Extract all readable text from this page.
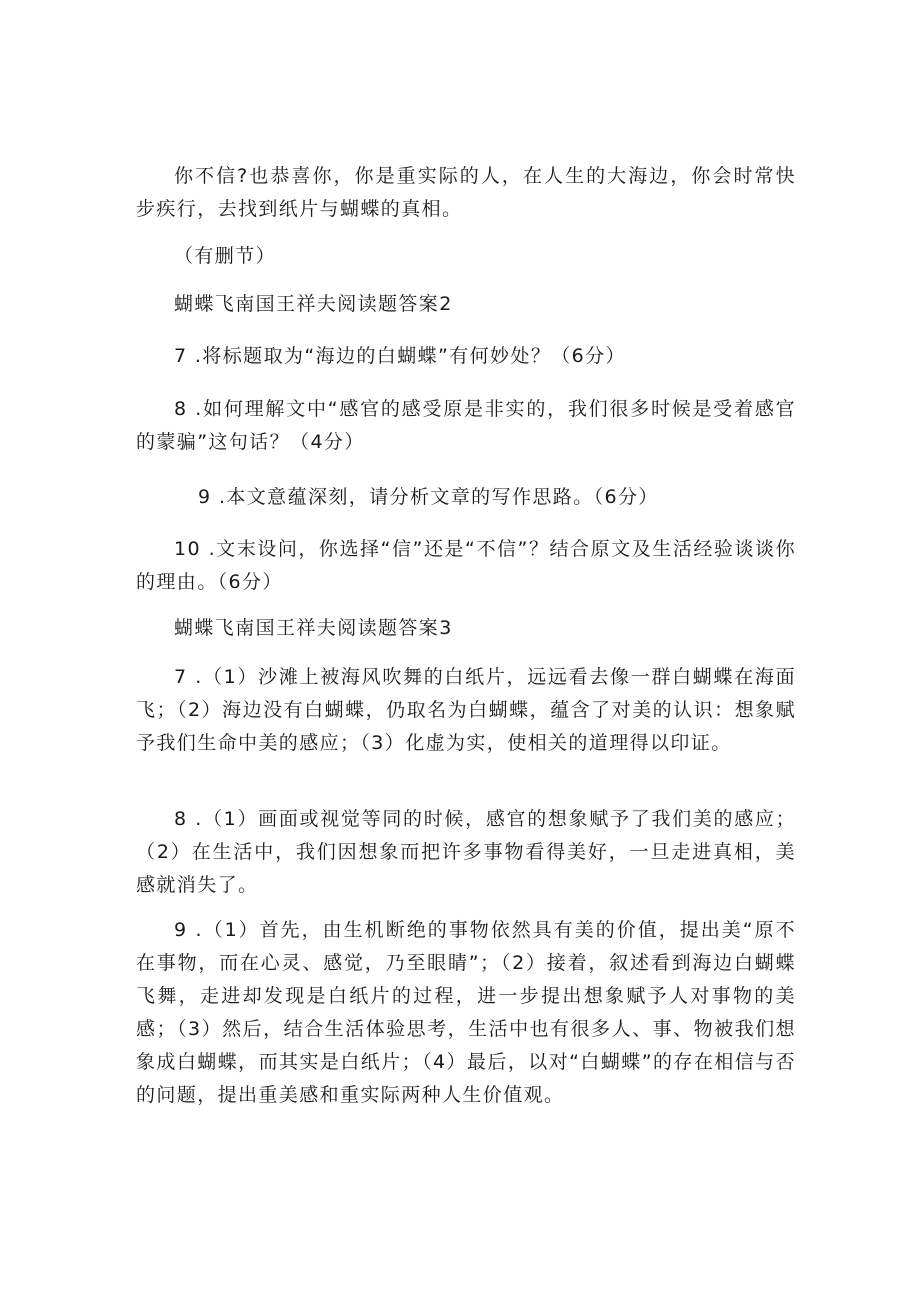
你不信?也恭喜你，你是重实际的人，在人生的大海边，你会时常快步疾行，去找到纸片与蝴蝶的真相。

（有删节）

蝴蝶飞南国王祥夫阅读题答案2

7 .将标题取为“海边的白蝴蝶”有何妙处？（6分）

8 .如何理解文中“感官的感受原是非实的，我们很多时候是受着感官的蒙骗”这句话？（4分）

9 .本文意蕴深刻，请分析文章的写作思路。（6分）

10 .文末设问，你选择“信”还是“不信”？结合原文及生活经验谈谈你的理由。（6分）

蝴蝶飞南国王祥夫阅读题答案3

7 .（1）沙滩上被海风吹舞的白纸片，远远看去像一群白蝴蝶在海面飞；（2）海边没有白蝴蝶，仍取名为白蝴蝶，蕴含了对美的认识：想象赋予我们生命中美的感应；（3）化虚为实，使相关的道理得以印证。

8 .（1）画面或视觉等同的时候，感官的想象赋予了我们美的感应；（2）在生活中，我们因想象而把许多事物看得美好，一旦走进真相，美感就消失了。

9 .（1）首先，由生机断绝的事物依然具有美的价值，提出美“原不在事物，而在心灵、感觉，乃至眼睛”；（2）接着，叙述看到海边白蝴蝶飞舞，走进却发现是白纸片的过程，进一步提出想象赋予人对事物的美感；（3）然后，结合生活体验思考，生活中也有很多人、事、物被我们想象成白蝴蝶，而其实是白纸片；（4）最后，以对“白蝴蝶”的存在相信与否的问题，提出重美感和重实际两种人生价值观。
